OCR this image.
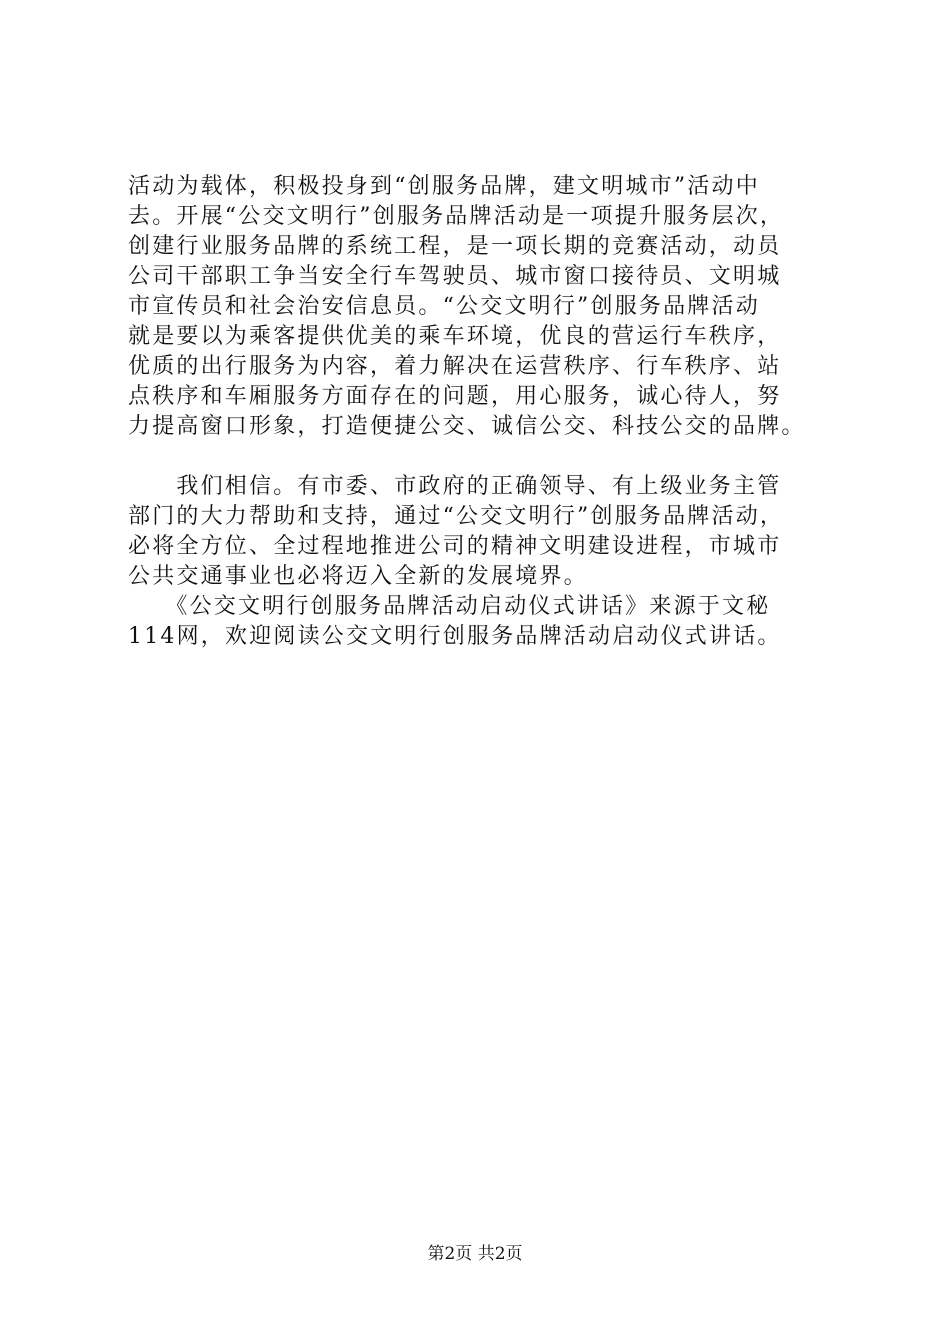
活动为载体，积极投身到“创服务品牌，建文明城市”活动中
去。开展“公交文明行”创服务品牌活动是一项提升服务层次，
创建行业服务品牌的系统工程，是一项长期的竞赛活动，动员
公司干部职工争当安全行车驾驶员、城市窗口接待员、文明城
市宣传员和社会治安信息员。“公交文明行”创服务品牌活动
就是要以为乘客提供优美的乘车环境，优良的营运行车秩序，
优质的出行服务为内容，着力解决在运营秩序、行车秩序、站
点秩序和车厢服务方面存在的问题，用心服务，诚心待人，努
力提高窗口形象，打造便捷公交、诚信公交、科技公交的品牌。
　　我们相信。有市委、市政府的正确领导、有上级业务主管
部门的大力帮助和支持，通过“公交文明行”创服务品牌活动，
必将全方位、全过程地推进公司的精神文明建设进程，市城市
公共交通事业也必将迈入全新的发展境界。
　　《公交文明行创服务品牌活动启动仪式讲话》来源于文秘
114网，欢迎阅读公交文明行创服务品牌活动启动仪式讲话。
第2页 共2页
